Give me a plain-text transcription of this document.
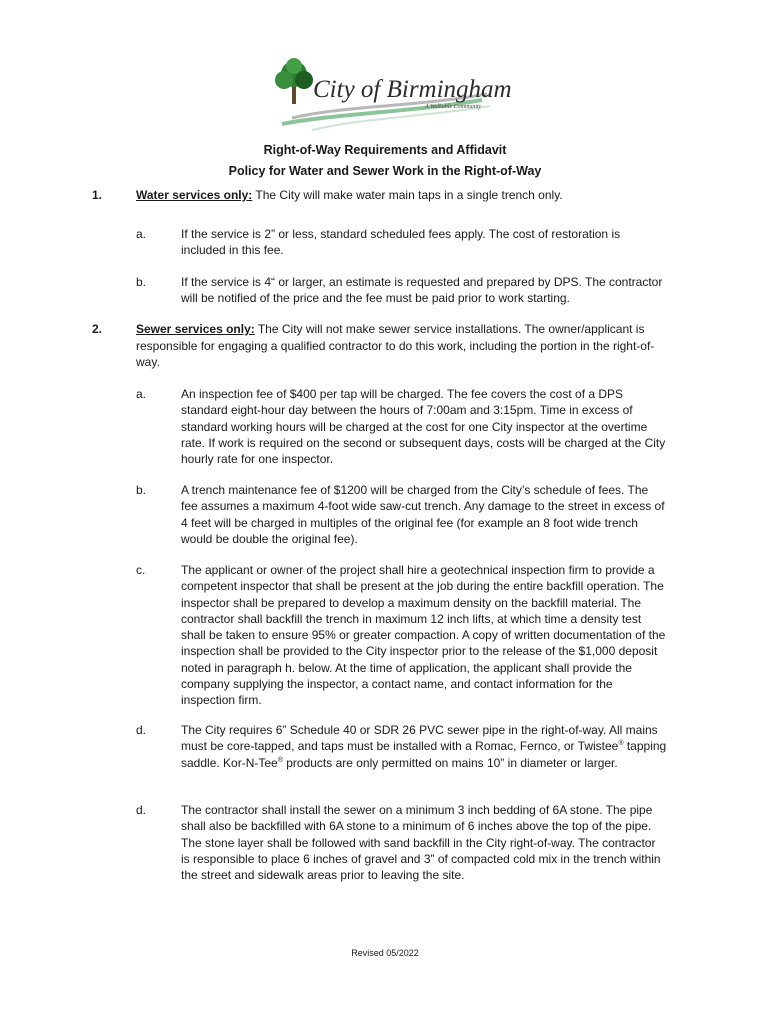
City of Birmingham
A Walkable Community
Right-of-Way Requirements and Affidavit
Policy for Water and Sewer Work in the Right-of-Way
1.	Water services only: The City will make water main taps in a single trench only.
a.	If the service is 2” or less, standard scheduled fees apply. The cost of restoration is included in this fee.
b.	If the service is 4“ or larger, an estimate is requested and prepared by DPS. The contractor will be notified of the price and the fee must be paid prior to work starting.
2.	Sewer services only: The City will not make sewer service installations. The owner/applicant is responsible for engaging a qualified contractor to do this work, including the portion in the right-of-way.
a.	An inspection fee of $400 per tap will be charged. The fee covers the cost of a DPS standard eight-hour day between the hours of 7:00am and 3:15pm. Time in excess of standard working hours will be charged at the cost for one City inspector at the overtime rate. If work is required on the second or subsequent days, costs will be charged at the City hourly rate for one inspector.
b.	A trench maintenance fee of $1200 will be charged from the City’s schedule of fees. The fee assumes a maximum 4-foot wide saw-cut trench. Any damage to the street in excess of 4 feet will be charged in multiples of the original fee (for example an 8 foot wide trench would be double the original fee).
c.	The applicant or owner of the project shall hire a geotechnical inspection firm to provide a competent inspector that shall be present at the job during the entire backfill operation. The inspector shall be prepared to develop a maximum density on the backfill material. The contractor shall backfill the trench in maximum 12 inch lifts, at which time a density test shall be taken to ensure 95% or greater compaction. A copy of written documentation of the inspection shall be provided to the City inspector prior to the release of the $1,000 deposit noted in paragraph h. below. At the time of application, the applicant shall provide the company supplying the inspector, a contact name, and contact information for the inspection firm.
d.	The City requires 6” Schedule 40 or SDR 26 PVC sewer pipe in the right-of-way. All mains must be core-tapped, and taps must be installed with a Romac, Fernco, or Twistee® tapping saddle. Kor-N-Tee® products are only permitted on mains 10” in diameter or larger.
d.	The contractor shall install the sewer on a minimum 3 inch bedding of 6A stone. The pipe shall also be backfilled with 6A stone to a minimum of 6 inches above the top of the pipe. The stone layer shall be followed with sand backfill in the City right-of-way. The contractor is responsible to place 6 inches of gravel and 3” of compacted cold mix in the trench within the street and sidewalk areas prior to leaving the site.
Revised 05/2022
